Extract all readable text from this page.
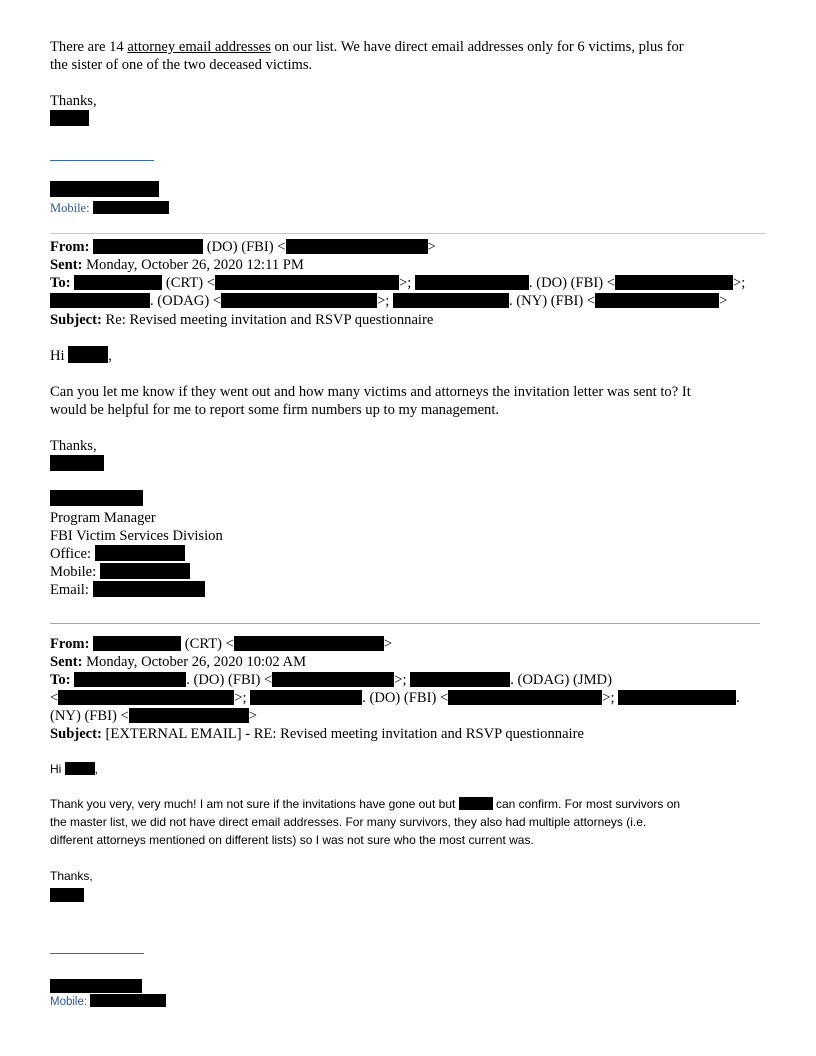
There are 14 attorney email addresses on our list. We have direct email addresses only for 6 victims, plus for
the sister of one of the two deceased victims.
Thanks,
Mobile:
From:	(DO) (FBI) <	>
Sent: Monday, October 26, 2020 12:11 PM
To:	(CRT) <	>;	. (DO) (FBI) <	>;
. (ODAG) <	>;	. (NY) (FBI) <	>
Subject: Re: Revised meeting invitation and RSVP questionnaire
Hi	,
Can you let me know if they went out and how many victims and attorneys the invitation letter was sent to? It
would be helpful for me to report some firm numbers up to my management.
Thanks,
Program Manager
FBI Victim Services Division
Office:
Mobile:
Email:
From:	(CRT) <	>
Sent: Monday, October 26, 2020 10:02 AM
To:	. (DO) (FBI) <	>;	. (ODAG) (JMD)
<	>;	. (DO) (FBI) <	>;	.
(NY) (FBI) <	>
Subject: [EXTERNAL EMAIL] - RE: Revised meeting invitation and RSVP questionnaire
Hi	,
Thank you very, very much! I am not sure if the invitations have gone out but	can confirm. For most survivors on
the master list, we did not have direct email addresses. For many survivors, they also had multiple attorneys (i.e.
different attorneys mentioned on different lists) so I was not sure who the most current was.
Thanks,
Mobile:
